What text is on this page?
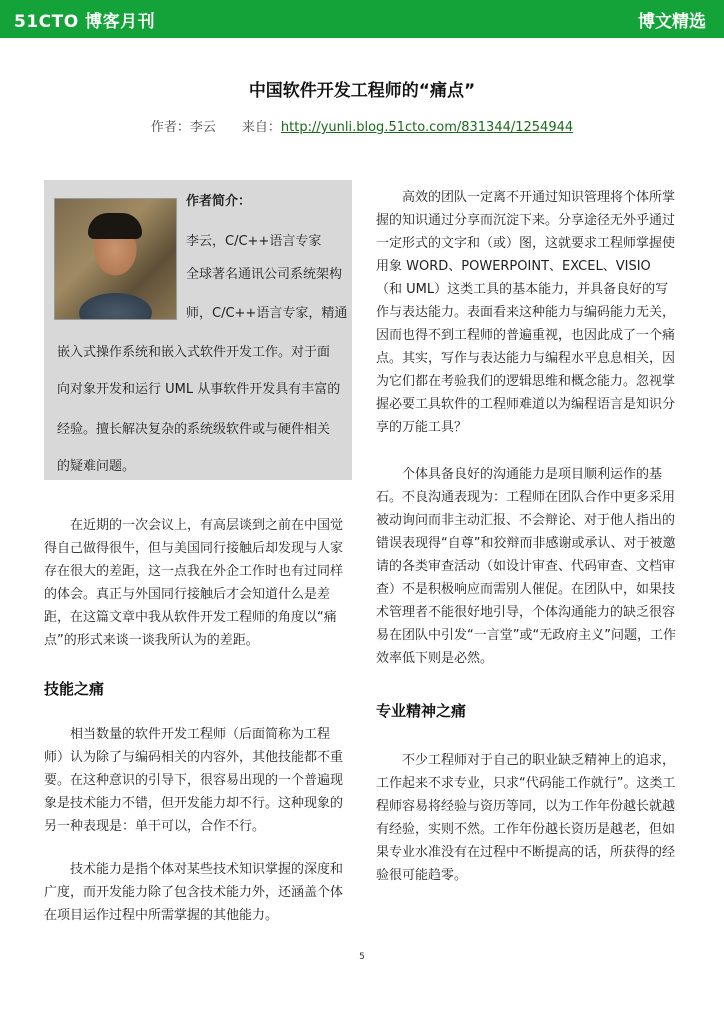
51CTO 博客月刊	博文精选
中国软件开发工程师的“痛点”
作者：李云 来自：http://yunli.blog.51cto.com/831344/1254944
作者简介：
李云，C/C++语言专家
全球著名通讯公司系统架构
师，C/C++语言专家，精通
嵌入式操作系统和嵌入式软件开发工作。对于面
向对象开发和运行 UML 从事软件开发具有丰富的
经验。擅长解决复杂的系统级软件或与硬件相关
的疑难问题。

在近期的一次会议上，有高层谈到之前在中国觉得自己做得很牛，但与美国同行接触后却发现与人家存在很大的差距，这一点我在外企工作时也有过同样的体会。真正与外国同行接触后才会知道什么是差距，在这篇文章中我从软件开发工程师的角度以“痛点”的形式来谈一谈我所认为的差距。

技能之痛

相当数量的软件开发工程师（后面简称为工程师）认为除了与编码相关的内容外，其他技能都不重要。在这种意识的引导下，很容易出现的一个普遍现象是技术能力不错，但开发能力却不行。这种现象的另一种表现是：单干可以，合作不行。

技术能力是指个体对某些技术知识掌握的深度和广度，而开发能力除了包含技术能力外，还涵盖个体在项目运作过程中所需掌握的其他能力。

高效的团队一定离不开通过知识管理将个体所掌握的知识通过分享而沉淀下来。分享途径无外乎通过一定形式的文字和（或）图，这就要求工程师掌握使用象 WORD、POWERPOINT、EXCEL、VISIO（和 UML）这类工具的基本能力，并具备良好的写作与表达能力。表面看来这种能力与编码能力无关，因而也得不到工程师的普遍重视，也因此成了一个痛点。其实，写作与表达能力与编程水平息息相关，因为它们都在考验我们的逻辑思维和概念能力。忽视掌握必要工具软件的工程师难道以为编程语言是知识分享的万能工具？

个体具备良好的沟通能力是项目顺利运作的基石。不良沟通表现为：工程师在团队合作中更多采用被动询问而非主动汇报、不会辩论、对于他人指出的错误表现得“自尊”和狡辩而非感谢或承认、对于被邀请的各类审查活动（如设计审查、代码审查、文档审查）不是积极响应而需别人催促。在团队中，如果技术管理者不能很好地引导，个体沟通能力的缺乏很容易在团队中引发“一言堂”或“无政府主义”问题，工作效率低下则是必然。

专业精神之痛

不少工程师对于自己的职业缺乏精神上的追求，工作起来不求专业，只求“代码能工作就行”。这类工程师容易将经验与资历等同，以为工作年份越长就越有经验，实则不然。工作年份越长资历是越老，但如果专业水准没有在过程中不断提高的话，所获得的经验很可能趋零。

5
